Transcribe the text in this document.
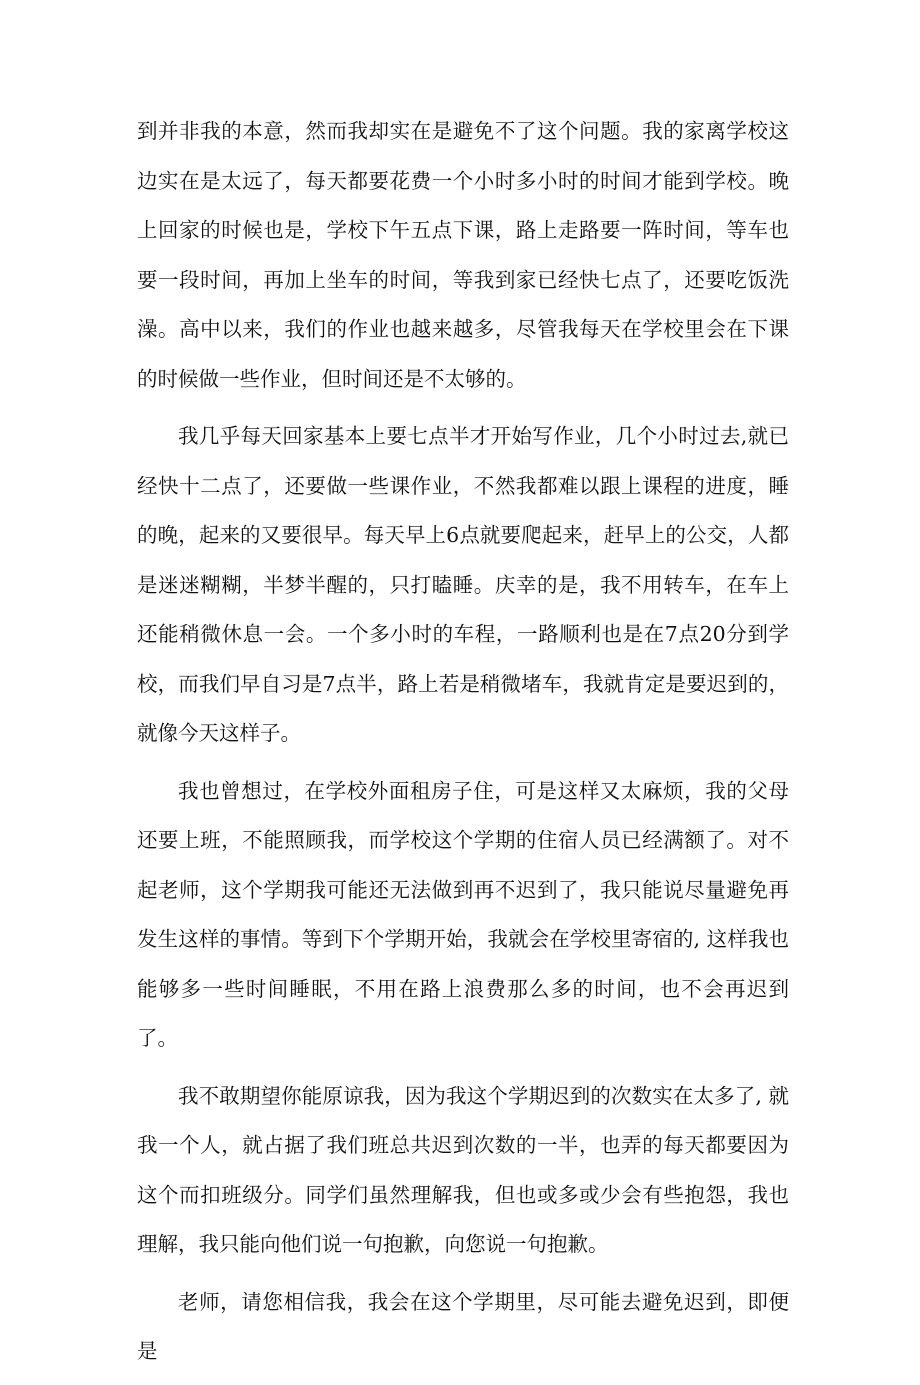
到并非我的本意，然而我却实在是避免不了这个问题。我的家离学校这边实在是太远了，每天都要花费一个小时多小时的时间才能到学校。晚上回家的时候也是，学校下午五点下课，路上走路要一阵时间，等车也要一段时间，再加上坐车的时间，等我到家已经快七点了，还要吃饭洗澡。高中以来，我们的作业也越来越多，尽管我每天在学校里会在下课的时候做一些作业，但时间还是不太够的。

我几乎每天回家基本上要七点半才开始写作业，几个小时过去,就已经快十二点了，还要做一些课作业，不然我都难以跟上课程的进度，睡的晚，起来的又要很早。每天早上6点就要爬起来，赶早上的公交，人都是迷迷糊糊，半梦半醒的，只打瞌睡。庆幸的是，我不用转车，在车上还能稍微休息一会。一个多小时的车程，一路顺利也是在7点20分到学校，而我们早自习是7点半，路上若是稍微堵车，我就肯定是要迟到的，就像今天这样子。

我也曾想过，在学校外面租房子住，可是这样又太麻烦，我的父母还要上班，不能照顾我，而学校这个学期的住宿人员已经满额了。对不起老师，这个学期我可能还无法做到再不迟到了，我只能说尽量避免再发生这样的事情。等到下个学期开始，我就会在学校里寄宿的, 这样我也能够多一些时间睡眠，不用在路上浪费那么多的时间，也不会再迟到了。

我不敢期望你能原谅我，因为我这个学期迟到的次数实在太多了, 就我一个人，就占据了我们班总共迟到次数的一半，也弄的每天都要因为这个而扣班级分。同学们虽然理解我，但也或多或少会有些抱怨，我也理解，我只能向他们说一句抱歉，向您说一句抱歉。

老师，请您相信我，我会在这个学期里，尽可能去避免迟到，即便是
